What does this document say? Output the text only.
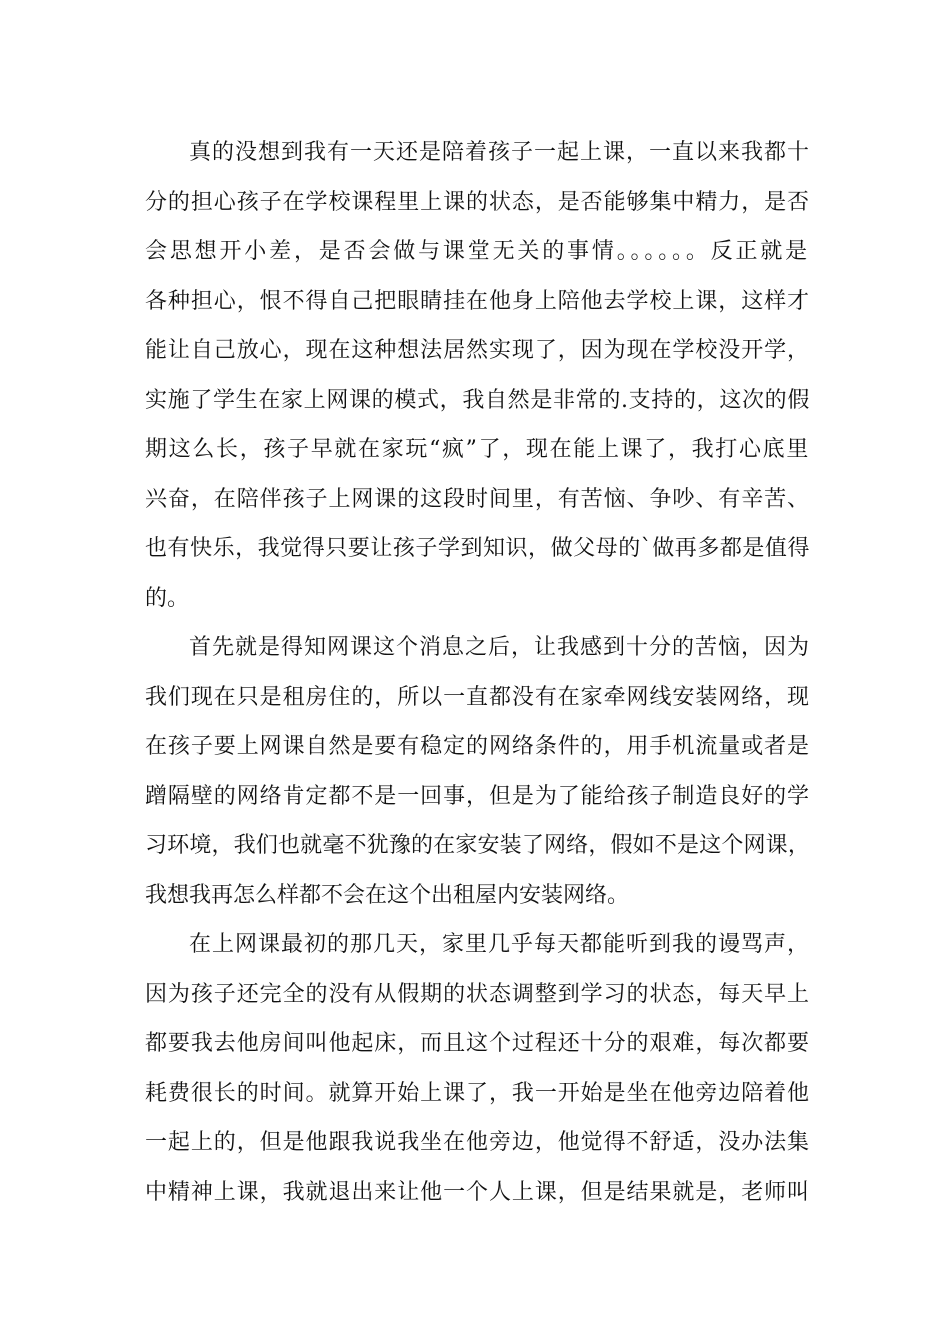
真的没想到我有一天还是陪着孩子一起上课，一直以来我都十
分的担心孩子在学校课程里上课的状态，是否能够集中精力，是否
会思想开小差，是否会做与课堂无关的事情。。。。。。反正就是
各种担心，恨不得自己把眼睛挂在他身上陪他去学校上课，这样才
能让自己放心，现在这种想法居然实现了，因为现在学校没开学，
实施了学生在家上网课的模式，我自然是非常的.支持的，这次的假
期这么长，孩子早就在家玩“疯”了，现在能上课了，我打心底里
兴奋，在陪伴孩子上网课的这段时间里，有苦恼、争吵、有辛苦、
也有快乐，我觉得只要让孩子学到知识，做父母的`做再多都是值得
的。
首先就是得知网课这个消息之后，让我感到十分的苦恼，因为
我们现在只是租房住的，所以一直都没有在家牵网线安装网络，现
在孩子要上网课自然是要有稳定的网络条件的，用手机流量或者是
蹭隔壁的网络肯定都不是一回事，但是为了能给孩子制造良好的学
习环境，我们也就毫不犹豫的在家安装了网络，假如不是这个网课，
我想我再怎么样都不会在这个出租屋内安装网络。
在上网课最初的那几天，家里几乎每天都能听到我的谩骂声，
因为孩子还完全的没有从假期的状态调整到学习的状态，每天早上
都要我去他房间叫他起床，而且这个过程还十分的艰难，每次都要
耗费很长的时间。就算开始上课了，我一开始是坐在他旁边陪着他
一起上的，但是他跟我说我坐在他旁边，他觉得不舒适，没办法集
中精神上课，我就退出来让他一个人上课，但是结果就是，老师叫
